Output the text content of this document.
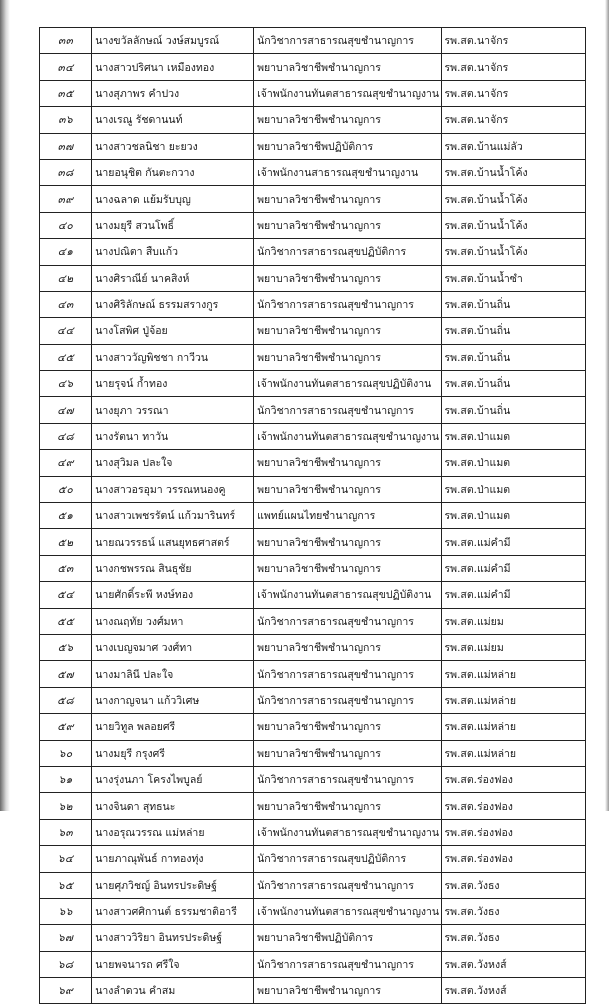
๓๓	นางขวัลลักษณ์ วงษ์สมบูรณ์	นักวิชาการสาธารณสุขชำนาญการ	รพ.สต.นาจักร
๓๔	นางสาวปริศนา เหมืองทอง	พยาบาลวิชาชีพชำนาญการ	รพ.สต.นาจักร
๓๕	นางสุภาพร คำปวง	เจ้าพนักงานทันตสาธารณสุขชำนาญงาน	รพ.สต.นาจักร
๓๖	นางเรณู รัชดานนท์	พยาบาลวิชาชีพชำนาญการ	รพ.สต.นาจักร
๓๗	นางสาวชลนิชา ยะยวง	พยาบาลวิชาชีพปฏิบัติการ	รพ.สต.บ้านแม่ลัว
๓๘	นายอนุชิต กันตะกวาง	เจ้าพนักงานสาธารณสุขชำนาญงาน	รพ.สต.บ้านน้ำโค้ง
๓๙	นางฉลาด แย้มรับบุญ	พยาบาลวิชาชีพชำนาญการ	รพ.สต.บ้านน้ำโค้ง
๔๐	นางมยุรี สวนโพธิ์	พยาบาลวิชาชีพชำนาญการ	รพ.สต.บ้านน้ำโค้ง
๔๑	นางปณิตา สืบแก้ว	นักวิชาการสาธารณสุขปฏิบัติการ	รพ.สต.บ้านน้ำโค้ง
๔๒	นางศิราณีย์ นาคสิงห์	พยาบาลวิชาชีพชำนาญการ	รพ.สต.บ้านน้ำซำ
๔๓	นางศิริลักษณ์ ธรรมสรางกูร	นักวิชาการสาธารณสุขชำนาญการ	รพ.สต.บ้านถิ่น
๔๔	นางโสพิศ ปู่จ้อย	พยาบาลวิชาชีพชำนาญการ	รพ.สต.บ้านถิ่น
๔๕	นางสาววัญพิชชา กาวีวน	พยาบาลวิชาชีพชำนาญการ	รพ.สต.บ้านถิ่น
๔๖	นายรุจน์ ก้ำทอง	เจ้าพนักงานทันตสาธารณสุขปฏิบัติงาน	รพ.สต.บ้านถิ่น
๔๗	นางยุภา วรรณา	นักวิชาการสาธารณสุขชำนาญการ	รพ.สต.บ้านถิ่น
๔๘	นางรัตนา ทาวัน	เจ้าพนักงานทันตสาธารณสุขชำนาญงาน	รพ.สต.ป่าแมต
๔๙	นางสุวิมล ปละใจ	พยาบาลวิชาชีพชำนาญการ	รพ.สต.ป่าแมต
๕๐	นางสาวอรอุมา วรรณหนองคู	พยาบาลวิชาชีพชำนาญการ	รพ.สต.ป่าแมต
๕๑	นางสาวเพชรรัตน์ แก้วมารินทร์	แพทย์แผนไทยชำนาญการ	รพ.สต.ป่าแมต
๕๒	นายณวรรธน์ แสนยุทธศาสตร์	พยาบาลวิชาชีพชำนาญการ	รพ.สต.แม่คำมี
๕๓	นางกชพรรณ สินธุชัย	พยาบาลวิชาชีพชำนาญการ	รพ.สต.แม่คำมี
๕๔	นายศักดิ์ระพี หงษ์ทอง	เจ้าพนักงานทันตสาธารณสุขปฏิบัติงาน	รพ.สต.แม่คำมี
๕๕	นางณฤทัย วงศ์มหา	นักวิชาการสาธารณสุขชำนาญการ	รพ.สต.แม่ยม
๕๖	นางเบญจมาศ วงศ์ทา	พยาบาลวิชาชีพชำนาญการ	รพ.สต.แม่ยม
๕๗	นางมาลินี ปละใจ	นักวิชาการสาธารณสุขชำนาญการ	รพ.สต.แม่หล่าย
๕๘	นางกาญจนา แก้ววิเศษ	นักวิชาการสาธารณสุขชำนาญการ	รพ.สต.แม่หล่าย
๕๙	นายวิทูล พลอยศรี	พยาบาลวิชาชีพชำนาญการ	รพ.สต.แม่หล่าย
๖๐	นางมยุรี กรุงศรี	พยาบาลวิชาชีพชำนาญการ	รพ.สต.แม่หล่าย
๖๑	นางรุ่งนภา โครงไพบูลย์	นักวิชาการสาธารณสุขชำนาญการ	รพ.สต.ร่องฟอง
๖๒	นางจินดา สุทธนะ	พยาบาลวิชาชีพชำนาญการ	รพ.สต.ร่องฟอง
๖๓	นางอรุณวรรณ แม่หล่าย	เจ้าพนักงานทันตสาธารณสุขชำนาญงาน	รพ.สต.ร่องฟอง
๖๔	นายภาณุพันธ์ กาทองทุ่ง	นักวิชาการสาธารณสุขปฏิบัติการ	รพ.สต.ร่องฟอง
๖๕	นายศุภวิชญ์ อินทรประดิษฐ์	นักวิชาการสาธารณสุขชำนาญการ	รพ.สต.วังธง
๖๖	นางสาวศศิกานต์ ธรรมชาติอารี	เจ้าพนักงานทันตสาธารณสุขชำนาญงาน	รพ.สต.วังธง
๖๗	นางสาววิริยา อินทรประดิษฐ์	พยาบาลวิชาชีพปฏิบัติการ	รพ.สต.วังธง
๖๘	นายพจนารถ ศรีใจ	นักวิชาการสาธารณสุขชำนาญการ	รพ.สต.วังหงส์
๖๙	นางลำดวน คำสม	พยาบาลวิชาชีพชำนาญการ	รพ.สต.วังหงส์
